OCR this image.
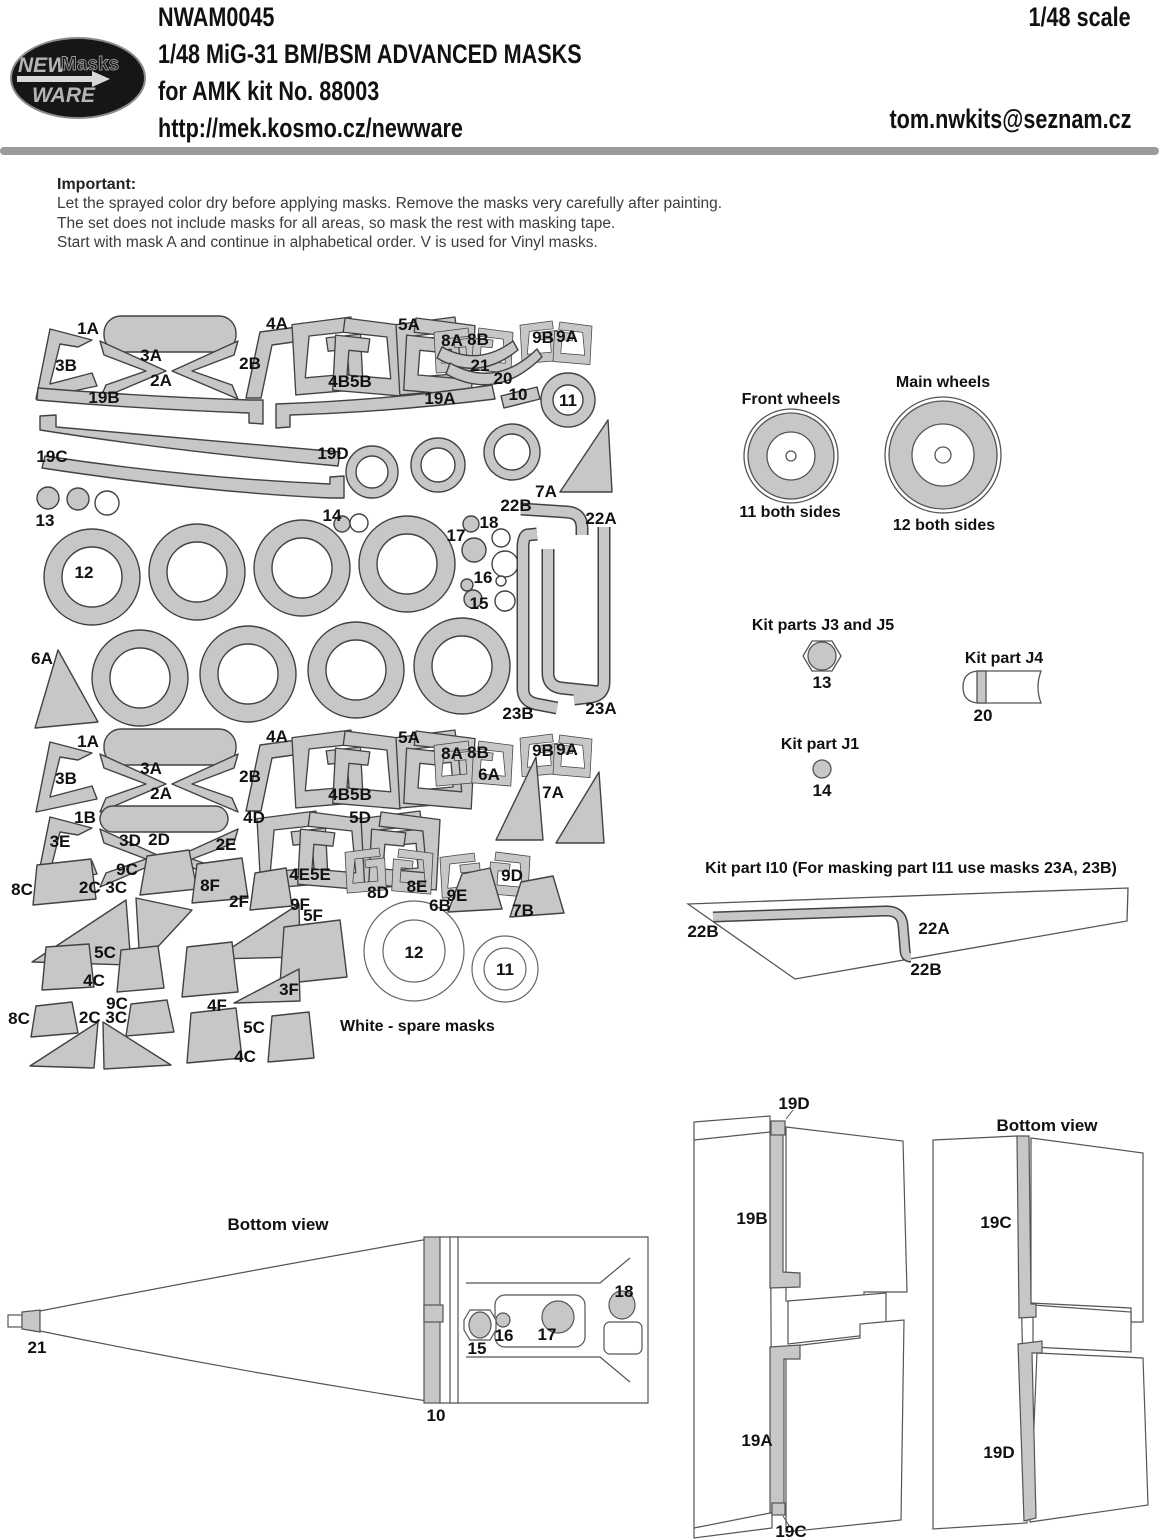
NEW
Masks
WARE
NWAM0045
1/48 MiG-31 BM/BSM ADVANCED MASKS
for AMK kit No. 88003
http://mek.kosmo.cz/newware
1/48 scale
tom.nwkits@seznam.cz
Important:
Let the sprayed color dry before applying masks. Remove the masks very carefully after painting.
The set does not include masks for all areas, so mask the rest with masking tape.
Start with mask A and continue in alphabetical order. V is used for Vinyl masks.
1A	4A	5A
8A 8B	9B 9A
3B
3A
2A
2B
4B5B
21
20
19B	19A	10 11
19C	19D
7A
13	14
22B
22A
17
18
16
15
12
6A
23B	23A
1A	4A	5A
8A 8B	9B 9A
3B
3A
2A
2B
4B5B
6A
7A
1B
3E	3D 2D	2E
4D	5D
4E5E
8D 8E 9E
9D
6B	7B
9C
8C	2C 3C	8F
2F 9F
5F
5C
4C
9C
8C	2C 3C
4F
3F
5C
4C
12
11
White - spare masks
Front wheels
Main wheels
11 both sides
12 both sides
Kit parts J3 and J5
13
Kit part J4
20
Kit part J1
14
Kit part I10 (For masking part I11 use masks 23A, 23B)
22B	22A
22B
Bottom view
21	15
16 17
18
10
19D
19B
19A
19C
Bottom view
19C
19D
